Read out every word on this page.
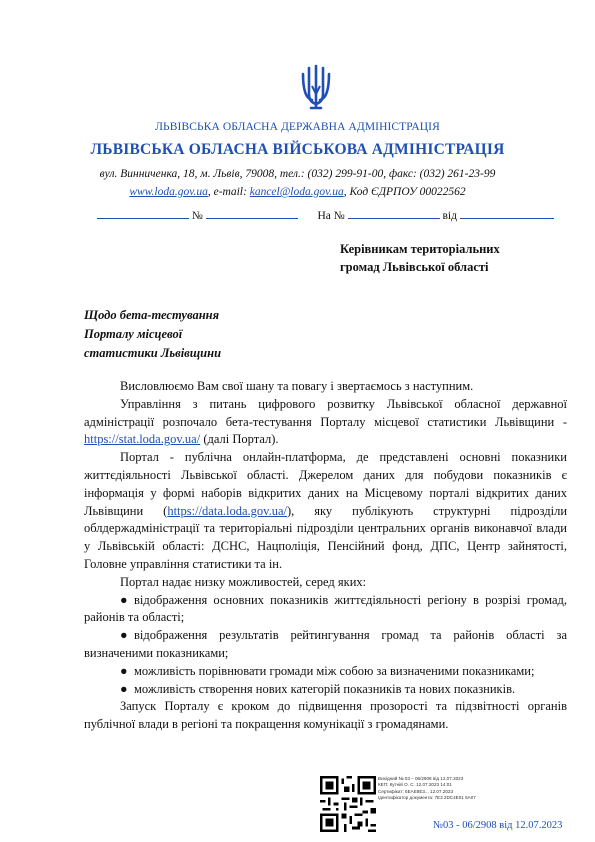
ЛЬВІВСЬКА ОБЛАСНА ДЕРЖАВНА АДМІНІСТРАЦІЯ
ЛЬВІВСЬКА ОБЛАСНА ВІЙСЬКОВА АДМІНІСТРАЦІЯ
вул. Винниченка, 18, м. Львів, 79008, тел.: (032) 299-91-00, факс: (032) 261-23-99
www.loda.gov.ua, e-mail: kancel@loda.gov.ua, Код ЄДРПОУ 00022562
№	На №	від
Керівникам територіальних
громад Львівської області
Щодо бета-тестування
Порталу місцевої
статистики Львівщини

Висловлюємо Вам свої шану та повагу і звертаємось з наступним.

Управління з питань цифрового розвитку Львівської обласної державної адміністрації розпочало бета-тестування Порталу місцевої статистики Львівщини - https://stat.loda.gov.ua/ (далі Портал).

Портал - публічна онлайн-платформа, де представлені основні показники життєдіяльності Львівської області. Джерелом даних для побудови показників є інформація у формі наборів відкритих даних на Місцевому порталі відкритих даних Львівщини (https://data.loda.gov.ua/), яку публікують структурні підрозділи облдержадміністрації та територіальні підрозділи центральних органів виконавчої влади у Львівській області: ДСНС, Нацполіція, Пенсійний фонд, ДПС, Центр зайнятості, Головне управління статистики та ін.

Портал надає низку можливостей, серед яких:

● відображення основних показників життєдіяльності регіону в розрізі громад, районів та області;

● відображення результатів рейтингування громад та районів області за визначеними показниками;

● можливість порівнювати громади між собою за визначеними показниками;

● можливість створення нових категорій показників та нових показників.

Запуск Порталу є кроком до підвищення прозорості та підзвітності органів публічної влади в регіоні та покращення комунікації з громадянами.

Вихідний № 03 – 06/2908 від 12.07.2023
КЕП: Кутній О. С. 12.07.2023 14:01
Сертифікат: 5ЕАЕ8Е3... 12.07.2023
Ідентифікатор документа: 7Е3 2DC4Е01 5А07
№03 - 06/2908 від 12.07.2023
